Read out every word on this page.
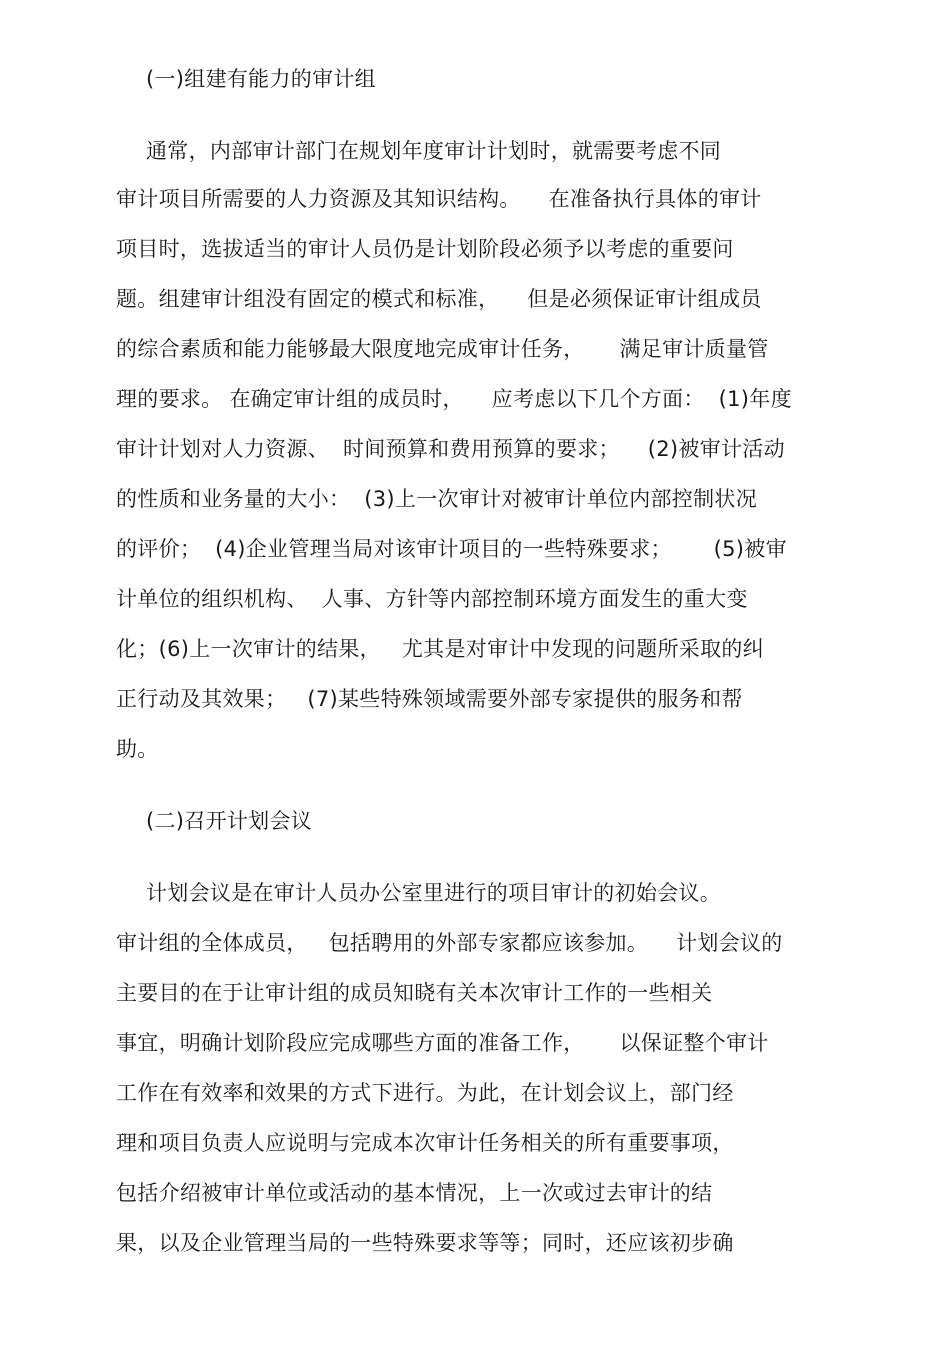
(一)组建有能力的审计组
通常，内部审计部门在规划年度审计计划时，就需要考虑不同
审计项目所需要的人力资源及其知识结构。    在准备执行具体的审计
项目时，选拔适当的审计人员仍是计划阶段必须予以考虑的重要问
题。组建审计组没有固定的模式和标准，    但是必须保证审计组成员
的综合素质和能力能够最大限度地完成审计任务，     满足审计质量管
理的要求。 在确定审计组的成员时，    应考虑以下几个方面：  (1)年度
审计计划对人力资源、  时间预算和费用预算的要求；    (2)被审计活动
的性质和业务量的大小：  (3)上一次审计对被审计单位内部控制状况
的评价；  (4)企业管理当局对该审计项目的一些特殊要求；      (5)被审
计单位的组织机构、  人事、方针等内部控制环境方面发生的重大变
化；(6)上一次审计的结果，   尤其是对审计中发现的问题所采取的纠
正行动及其效果；   (7)某些特殊领域需要外部专家提供的服务和帮
助。
(二)召开计划会议
计划会议是在审计人员办公室里进行的项目审计的初始会议。
审计组的全体成员，   包括聘用的外部专家都应该参加。    计划会议的
主要目的在于让审计组的成员知晓有关本次审计工作的一些相关
事宜，明确计划阶段应完成哪些方面的准备工作，     以保证整个审计
工作在有效率和效果的方式下进行。为此，在计划会议上，部门经
理和项目负责人应说明与完成本次审计任务相关的所有重要事项，
包括介绍被审计单位或活动的基本情况，上一次或过去审计的结
果，以及企业管理当局的一些特殊要求等等；同时，还应该初步确
